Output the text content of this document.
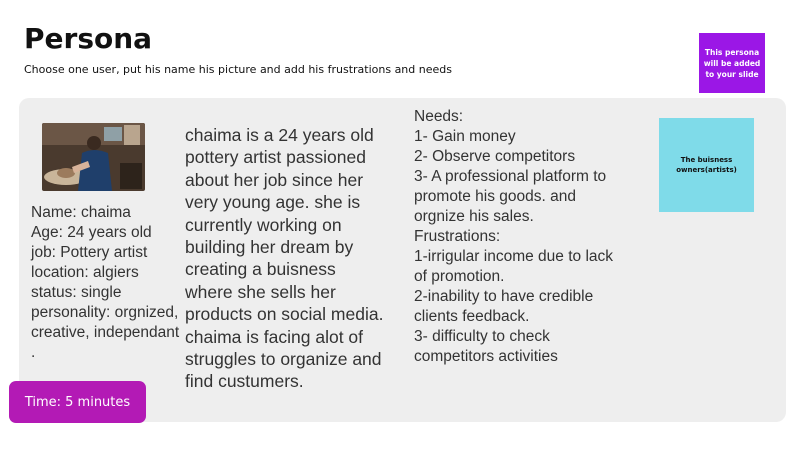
Persona
Choose one user, put his name his picture and add his frustrations and needs
This persona will be added to your slide
Name: chaima
Age: 24 years old
job: Pottery artist
location: algiers
status: single
personality: orgnized, creative, independant .
chaima is a 24 years old pottery artist passioned about her job since her very young age. she is currently working on building her dream by creating a buisness where she sells her products on social media. chaima is facing alot of struggles to organize and find custumers.
Needs:
1- Gain money
2- Observe competitors
3- A professional platform to promote his goods. and orgnize his sales.
Frustrations:
1-irrigular income due to lack of promotion.
2-inability to have credible clients feedback.
3- difficulty to check competitors activities
The buisness owners(artists)
Time: 5 minutes
